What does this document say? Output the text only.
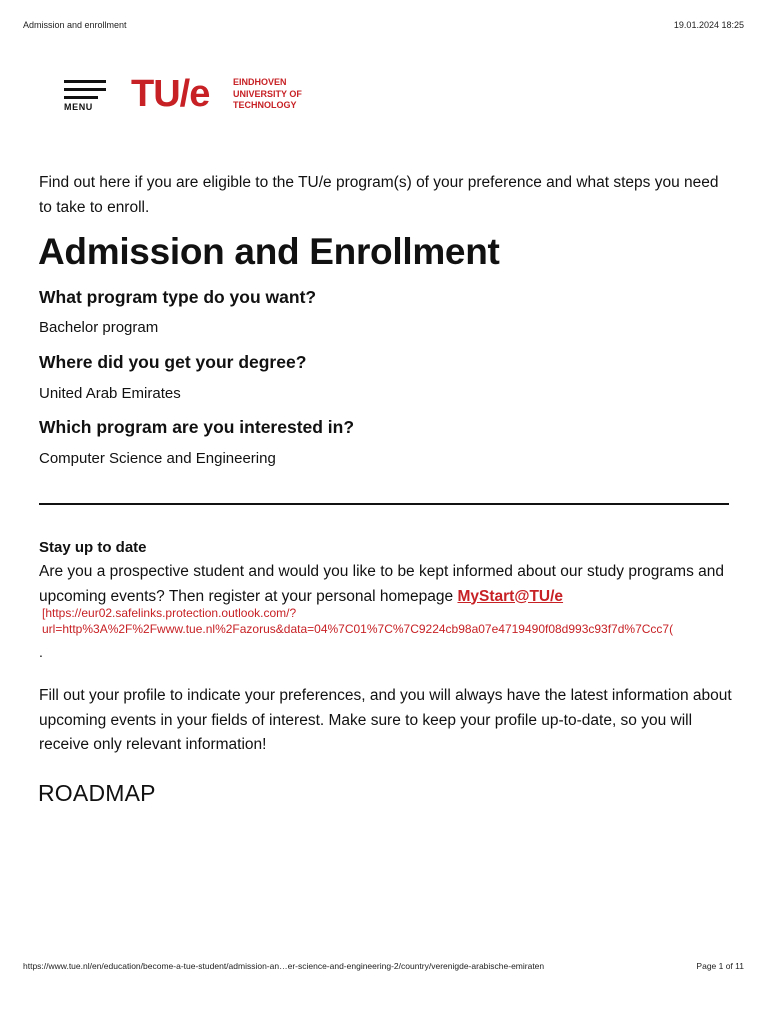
Admission and enrollment	19.01.2024 18:25
MENU TU/e	EINDHOVEN
UNIVERSITY OF
TECHNOLOGY

Find out here if you are eligible to the TU/e program(s) of your preference and what steps you need to take to enroll.

Admission and Enrollment
What program type do you want?
Bachelor program
Where did you get your degree?
United Arab Emirates
Which program are you interested in?
Computer Science and Engineering
Stay up to date

Are you a prospective student and would you like to be kept informed about our study programs and upcoming events? Then register at your personal homepage MyStart@TU/e

[https://eur02.safelinks.protection.outlook.com/?
url=http%3A%2F%2Fwww.tue.nl%2Fazorus&data=04%7C01%7C%7C9224cb98a07e4719490f08d993c93f7d%7Ccc7(
.

Fill out your profile to indicate your preferences, and you will always have the latest information about upcoming events in your fields of interest. Make sure to keep your profile up-to-date, so you will receive only relevant information!

ROADMAP
https://www.tue.nl/en/education/become-a-tue-student/admission-an…er-science-and-engineering-2/country/verenigde-arabische-emiraten	Page 1 of 11
